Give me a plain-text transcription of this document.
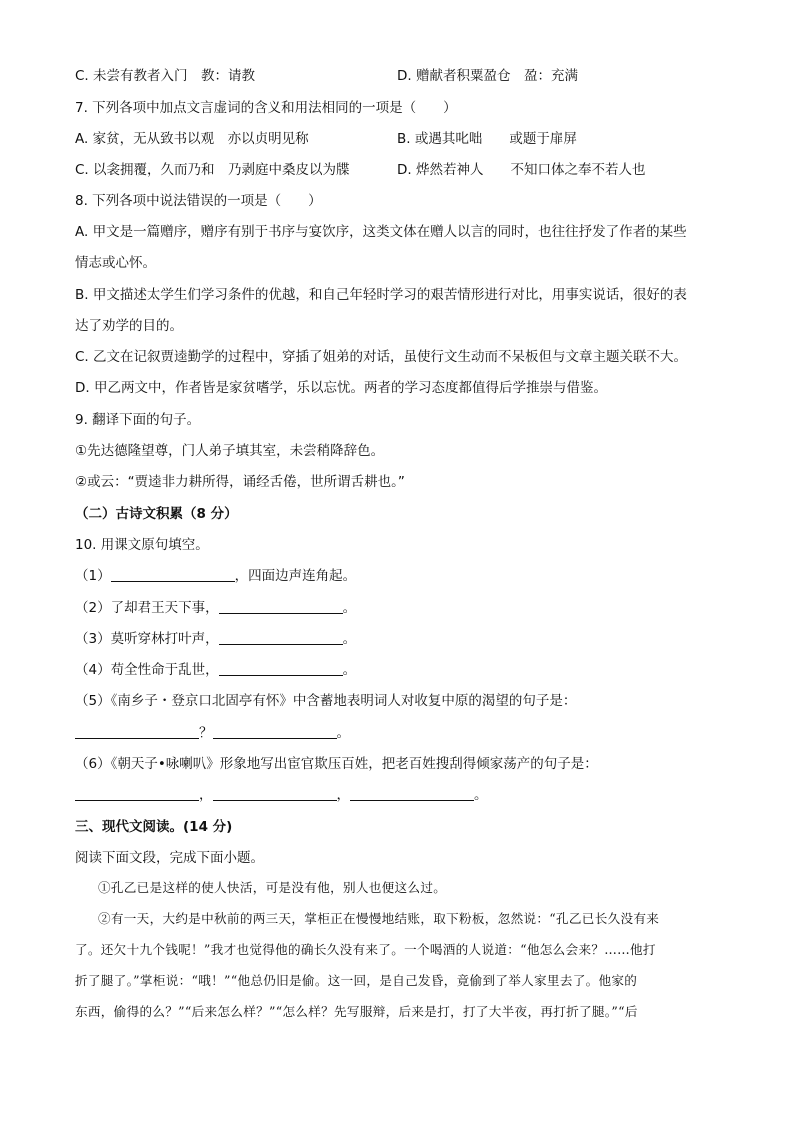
C. 未尝有教者入门　教：请教	D. 赠献者积粟盈仓　盈：充满
7. 下列各项中加点文言虚词的含义和用法相同的一项是（　　）
A. 家贫，无从致书以观　亦以贞明见称	B. 或遇其叱咄　　或题于扉屏
C. 以衾拥覆，久而乃和　乃剥庭中桑皮以为牒	D. 烨然若神人　　不知口体之奉不若人也
8. 下列各项中说法错误的一项是（　　）
A. 甲文是一篇赠序，赠序有别于书序与宴饮序，这类文体在赠人以言的同时，也往往抒发了作者的某些
情志或心怀。
B. 甲文描述太学生们学习条件的优越，和自己年轻时学习的艰苦情形进行对比，用事实说话，很好的表
达了劝学的目的。
C. 乙文在记叙贾逵勤学的过程中，穿插了姐弟的对话，虽使行文生动而不呆板但与文章主题关联不大。
D. 甲乙两文中，作者皆是家贫嗜学，乐以忘忧。两者的学习态度都值得后学推崇与借鉴。
9. 翻译下面的句子。
①先达德隆望尊，门人弟子填其室，未尝稍降辞色。
②或云：“贾逵非力耕所得，诵经舌倦，世所谓舌耕也。”
（二）古诗文积累（8 分）
10. 用课文原句填空。
（1）	，四面边声连角起。
（2）了却君王天下事，	。
（3）莫听穿林打叶声，	。
（4）苟全性命于乱世，	。
（5）《南乡子・登京口北固亭有怀》中含蓄地表明词人对收复中原的渴望的句子是：
？	。
（6）《朝天子•咏喇叭》形象地写出宦官欺压百姓，把老百姓搜刮得倾家荡产的句子是：
，	，	。
三、现代文阅读。(14 分)
阅读下面文段，完成下面小题。
①孔乙已是这样的使人快活，可是没有他，别人也便这么过。
②有一天，大约是中秋前的两三天，掌柜正在慢慢地结账，取下粉板，忽然说：“孔乙已长久没有来
了。还欠十九个钱呢！”我才也觉得他的确长久没有来了。一个喝酒的人说道：“他怎么会来？……他打
折了腿了。”掌柜说：“哦！”“他总仍旧是偷。这一回，是自己发昏，竟偷到了举人家里去了。他家的
东西，偷得的么？”“后来怎么样？”“怎么样？先写服辩，后来是打，打了大半夜，再打折了腿。”“后
